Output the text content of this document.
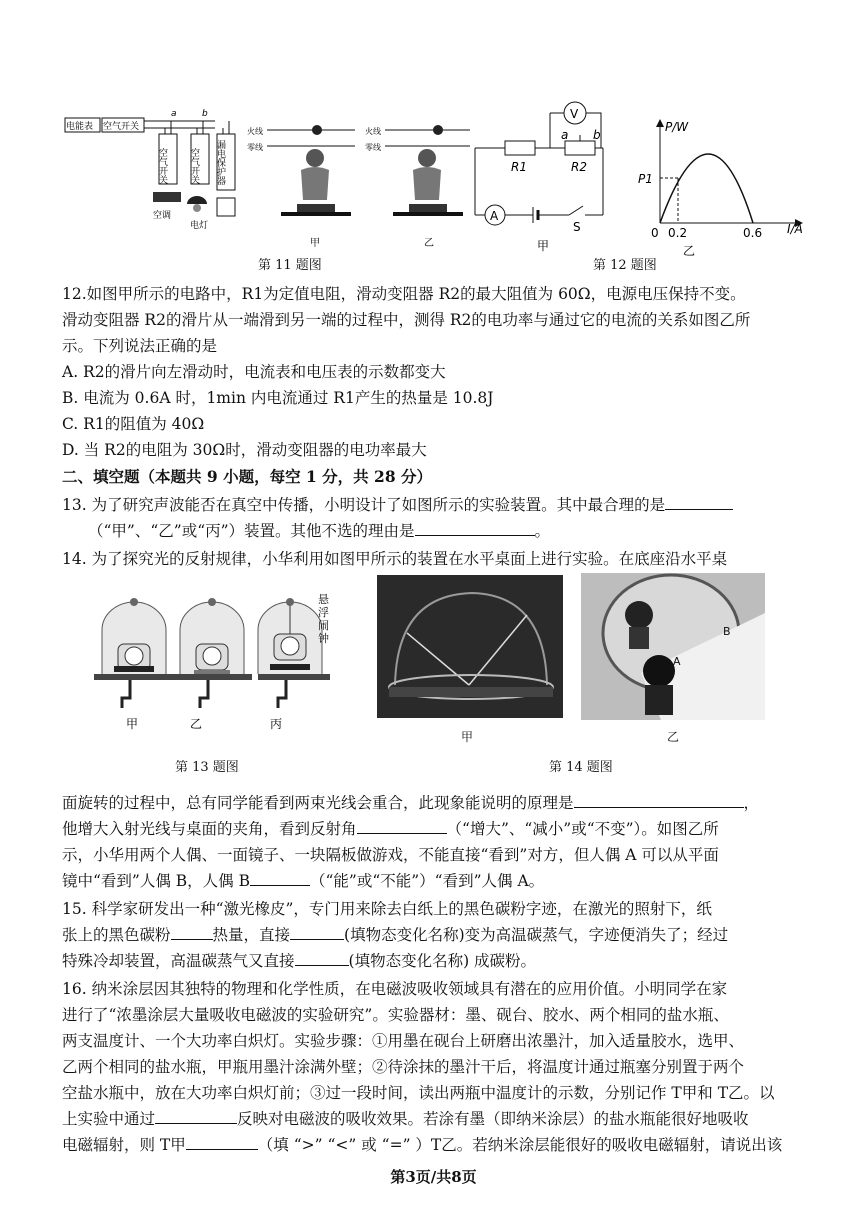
电能表 空气开关
a	b
空气开关 空气开关 漏电保护器
空调
电灯
火线
零线
甲
火线
零线
乙
第 11 题图
V
a b
R1	R2
A
S
甲
P/W
I/A
P1
0 0.2	0.6
乙
第 12 题图
12.如图甲所示的电路中，R1为定值电阻，滑动变阻器 R2的最大阻值为 60Ω，电源电压保持不变。
滑动变阻器 R2的滑片从一端滑到另一端的过程中，测得 R2的电功率与通过它的电流的关系如图乙所
示。下列说法正确的是
A. R2的滑片向左滑动时，电流表和电压表的示数都变大
B. 电流为 0.6A 时，1min 内电流通过 R1产生的热量是 10.8J
C. R1的阻值为 40Ω
D. 当 R2的电阻为 30Ω时，滑动变阻器的电功率最大
二、填空题（本题共 9 小题，每空 1 分，共 28 分）
13. 为了研究声波能否在真空中传播，小明设计了如图所示的实验装置。其中最合理的是
（“甲”、“乙”或“丙”）装置。其他不选的理由是	。
14. 为了探究光的反射规律，小华利用如图甲所示的装置在水平桌面上进行实验。在底座沿水平桌
甲	乙	丙
悬浮闹钟
第 13 题图
B
A
甲	乙
第 14 题图
面旋转的过程中，总有同学能看到两束光线会重合，此现象能说明的原理是	，
他增大入射光线与桌面的夹角，看到反射角	（“增大”、“减小”或“不变”）。如图乙所
示，小华用两个人偶、一面镜子、一块隔板做游戏，不能直接“看到”对方，但人偶 A 可以从平面
镜中“看到”人偶 B，人偶 B	（“能”或“不能”）“看到”人偶 A。
15. 科学家研发出一种“激光橡皮”，专门用来除去白纸上的黑色碳粉字迹，在激光的照射下，纸
张上的黑色碳粉	热量，直接	(填物态变化名称)变为高温碳蒸气，字迹便消失了；经过
特殊冷却装置，高温碳蒸气又直接	(填物态变化名称) 成碳粉。
16. 纳米涂层因其独特的物理和化学性质，在电磁波吸收领域具有潜在的应用价值。小明同学在家
进行了“浓墨涂层大量吸收电磁波的实验研究”。实验器材：墨、砚台、胶水、两个相同的盐水瓶、
两支温度计、一个大功率白炽灯。实验步骤：①用墨在砚台上研磨出浓墨汁，加入适量胶水，选甲、
乙两个相同的盐水瓶，甲瓶用墨汁涂满外壁；②待涂抹的墨汁干后，将温度计通过瓶塞分别置于两个
空盐水瓶中，放在大功率白炽灯前；③过一段时间，读出两瓶中温度计的示数，分别记作 T甲和 T乙。以
上实验中通过	反映对电磁波的吸收效果。若涂有墨（即纳米涂层）的盐水瓶能很好地吸收
电磁辐射，则 T甲	（填 “>” “<” 或 “=” ）T乙。若纳米涂层能很好的吸收电磁辐射，请说出该
第3页/共8页
